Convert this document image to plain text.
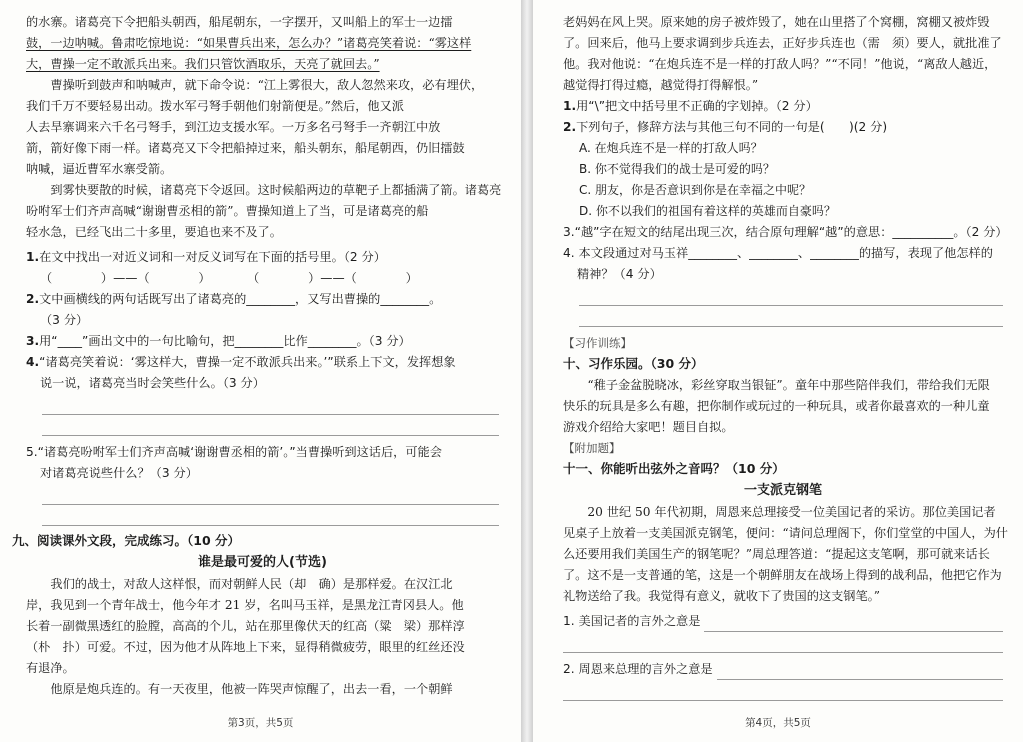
的水寨。诸葛亮下令把船头朝西，船尾朝东，一字摆开，又叫船上的军士一边擂
鼓，一边呐喊。鲁肃吃惊地说：“如果曹兵出来，怎么办？”诸葛亮笑着说：“雾这样
大，曹操一定不敢派兵出来。我们只管饮酒取乐，天亮了就回去。”
曹操听到鼓声和呐喊声，就下命令说：“江上雾很大，敌人忽然来攻，必有埋伏，
我们千万不要轻易出动。拨水军弓弩手朝他们射箭便是。”然后，他又派
人去旱寨调来六千名弓弩手，到江边支援水军。一万多名弓弩手一齐朝江中放
箭，箭好像下雨一样。诸葛亮又下令把船掉过来，船头朝东，船尾朝西，仍旧擂鼓
呐喊，逼近曹军水寨受箭。
到雾快要散的时候，诸葛亮下令返回。这时候船两边的草靶子上都插满了箭。诸葛亮
吩咐军士们齐声高喊“谢谢曹丞相的箭”。曹操知道上了当，可是诸葛亮的船
轻水急，已经飞出二十多里，要追也来不及了。
1.在文中找出一对近义词和一对反义词写在下面的括号里。（2 分）
（　　　　）——（　　　　）　　　　（　　　　）——（　　　　）
2.文中画横线的两句话既写出了诸葛亮的________，又写出曹操的________。
（3 分）
3.用“____”画出文中的一句比喻句，把________比作________。（3 分）
4.“诸葛亮笑着说：‘雾这样大，曹操一定不敢派兵出来。’”联系上下文，发挥想象
说一说，诸葛亮当时会笑些什么。（3 分）
5.“诸葛亮吩咐军士们齐声高喊‘谢谢曹丞相的箭’。”当曹操听到这话后，可能会
对诸葛亮说些什么？（3 分）
九、阅读课外文段，完成练习。（10 分）
谁是最可爱的人(节选)
我们的战士，对敌人这样恨，而对朝鲜人民（却　确）是那样爱。在汉江北
岸，我见到一个青年战士，他今年才 21 岁，名叫马玉祥，是黑龙江青冈县人。他
长着一副微黑透红的脸膛，高高的个儿，站在那里像伏天的红高（粱　梁）那样淳
（朴　扑）可爱。不过，因为他才从阵地上下来，显得稍微疲劳，眼里的红丝还没
有退净。
他原是炮兵连的。有一天夜里，他被一阵哭声惊醒了，出去一看，一个朝鲜
第3页，共5页
老妈妈在风上哭。原来她的房子被炸毁了，她在山里搭了个窝棚，窝棚又被炸毁
了。回来后，他马上要求调到步兵连去，正好步兵连也（需　须）要人，就批准了
他。我对他说：“在炮兵连不是一样的打敌人吗？”“不同！”他说，“离敌人越近，
越觉得打得过瘾，越觉得打得解恨。”
1.用“\”把文中括号里不正确的字划掉。（2 分）
2.下列句子，修辞方法与其他三句不同的一句是(　　)(2 分)
A. 在炮兵连不是一样的打敌人吗？
B. 你不觉得我们的战士是可爱的吗？
C. 朋友，你是否意识到你是在幸福之中呢？
D. 你不以我们的祖国有着这样的英雄而自豪吗？
3.“越”字在短文的结尾出现三次，结合原句理解“越”的意思：__________。（2 分）
4. 本文段通过对马玉祥________、________、________的描写，表现了他怎样的
精神？（4 分）
【习作训练】
十、习作乐园。（30 分）
“稚子金盆脱晓冰，彩丝穿取当银钲”。童年中那些陪伴我们，带给我们无限
快乐的玩具是多么有趣，把你制作或玩过的一种玩具，或者你最喜欢的一种儿童
游戏介绍给大家吧！题目自拟。
【附加题】
十一、你能听出弦外之音吗？（10 分）
一支派克钢笔
20 世纪 50 年代初期，周恩来总理接受一位美国记者的采访。那位美国记者
见桌子上放着一支美国派克钢笔，便问：“请问总理阁下，你们堂堂的中国人，为什
么还要用我们美国生产的钢笔呢？”周总理答道：“提起这支笔啊，那可就来话长
了。这不是一支普通的笔，这是一个朝鲜朋友在战场上得到的战利品，他把它作为
礼物送给了我。我觉得有意义，就收下了贵国的这支钢笔。”
1. 美国记者的言外之意是
2. 周恩来总理的言外之意是
第4页，共5页
